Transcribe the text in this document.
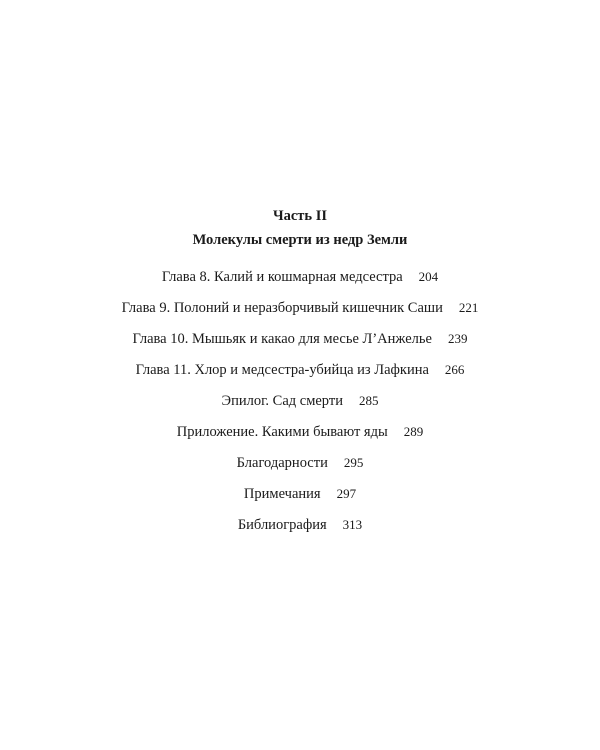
Часть II

Молекулы смерти из недр Земли

Глава 8. Калий и кошмарная медсестра 204
Глава 9. Полоний и неразборчивый кишечник Саши 221
Глава 10. Мышьяк и какао для месье Л’Анжелье 239
Глава 11. Хлор и медсестра-убийца из Лафкина 266
Эпилог. Сад смерти 285
Приложение. Какими бывают яды 289
Благодарности 295
Примечания 297
Библиография 313
